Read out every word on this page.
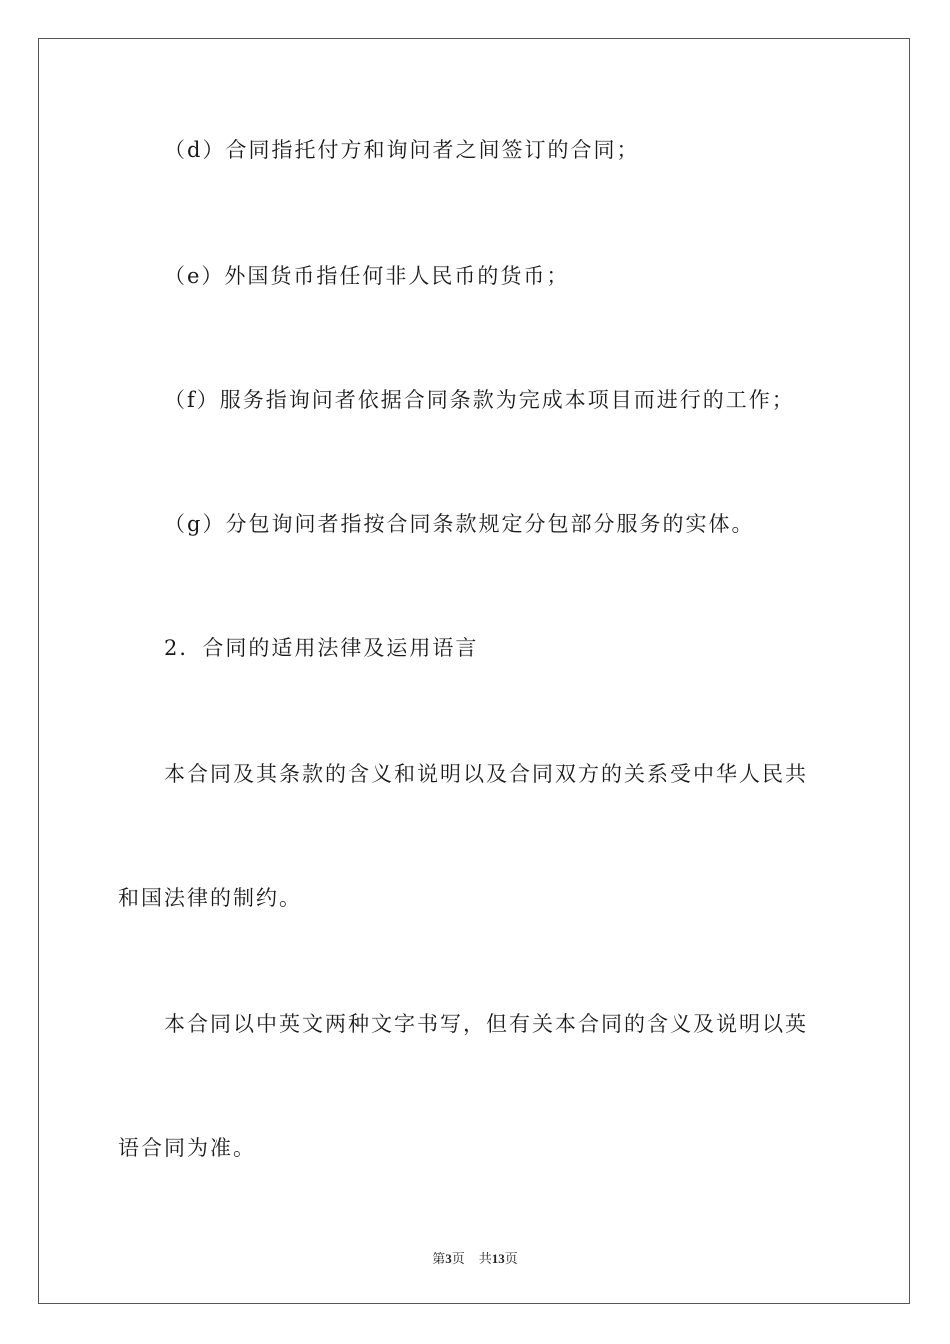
（d）合同指托付方和询问者之间签订的合同；
（e）外国货币指任何非人民币的货币；
（f）服务指询问者依据合同条款为完成本项目而进行的工作；
（g）分包询问者指按合同条款规定分包部分服务的实体。
2．合同的适用法律及运用语言
本合同及其条款的含义和说明以及合同双方的关系受中华人民共
和国法律的制约。
本合同以中英文两种文字书写，但有关本合同的含义及说明以英
语合同为准。
第3页 共13页
